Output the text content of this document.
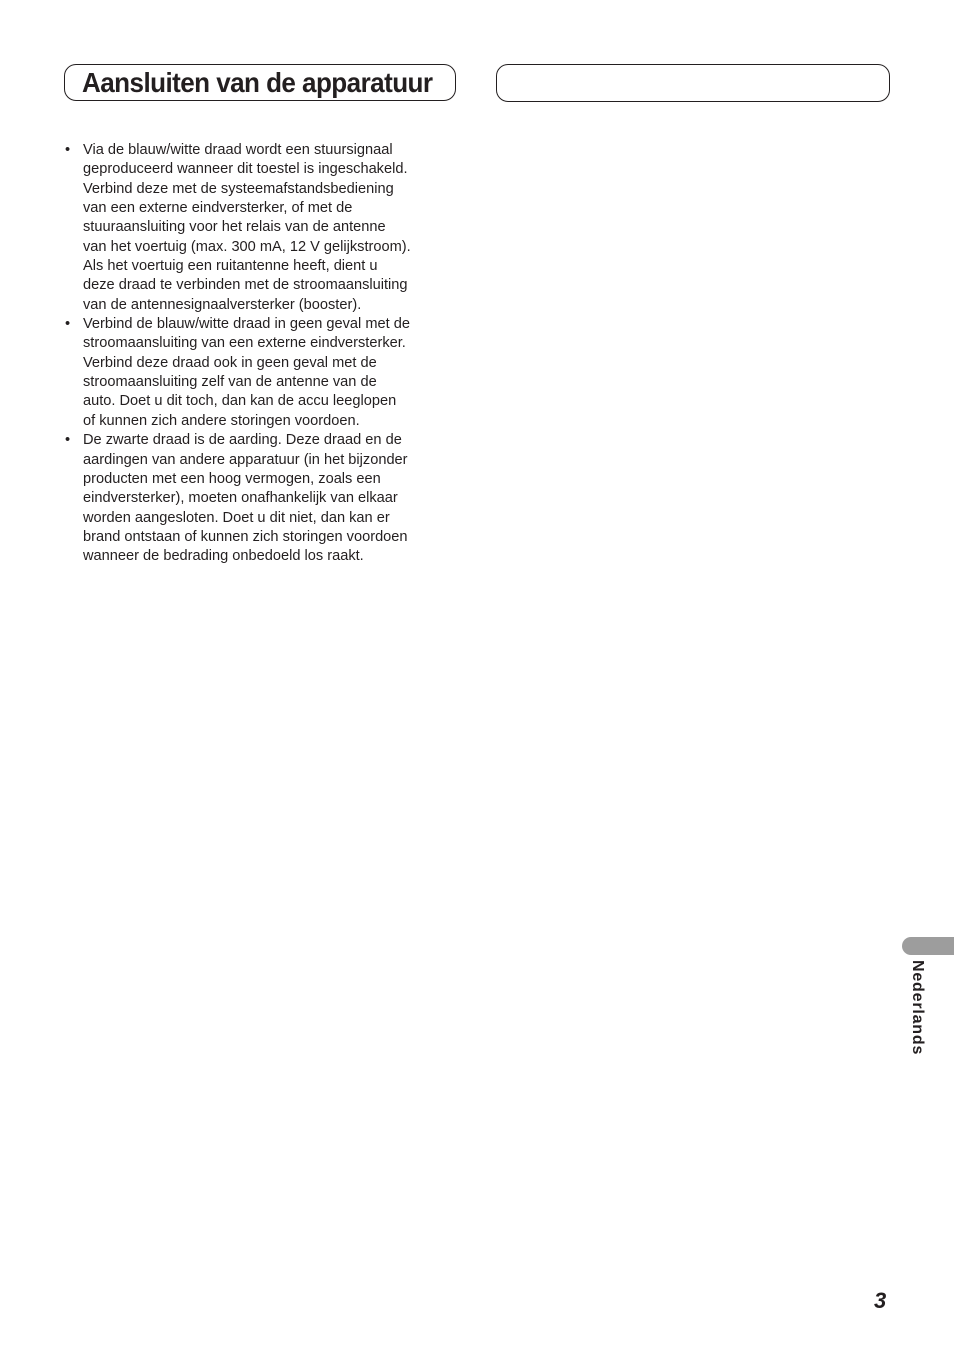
Aansluiten van de apparatuur
• Via de blauw/witte draad wordt een stuursignaal
geproduceerd wanneer dit toestel is ingeschakeld.
Verbind deze met de systeemafstandsbediening
van een externe eindversterker, of met de
stuuraansluiting voor het relais van de antenne
van het voertuig (max. 300 mA, 12 V gelijkstroom).
Als het voertuig een ruitantenne heeft, dient u
deze draad te verbinden met de stroomaansluiting
van de antennesignaalversterker (booster).
• Verbind de blauw/witte draad in geen geval met de
stroomaansluiting van een externe eindversterker.
Verbind deze draad ook in geen geval met de
stroomaansluiting zelf van de antenne van de
auto. Doet u dit toch, dan kan de accu leeglopen
of kunnen zich andere storingen voordoen.
• De zwarte draad is de aarding. Deze draad en de
aardingen van andere apparatuur (in het bijzonder
producten met een hoog vermogen, zoals een
eindversterker), moeten onafhankelijk van elkaar
worden aangesloten. Doet u dit niet, dan kan er
brand ontstaan of kunnen zich storingen voordoen
wanneer de bedrading onbedoeld los raakt.
Nederlands
3
